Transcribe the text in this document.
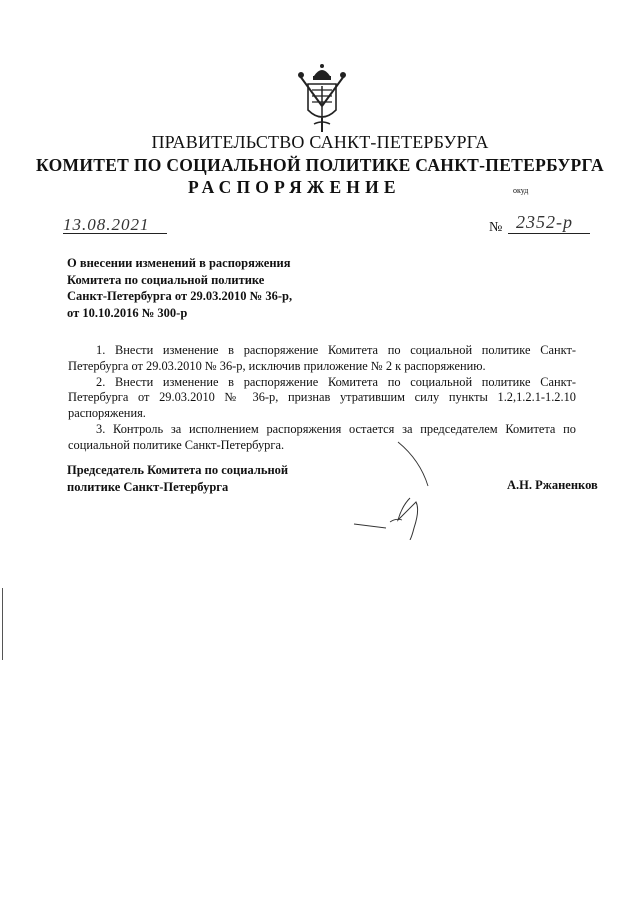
ПРАВИТЕЛЬСТВО САНКТ-ПЕТЕРБУРГА
КОМИТЕТ ПО СОЦИАЛЬНОЙ ПОЛИТИКЕ САНКТ-ПЕТЕРБУРГА
РАСПОРЯЖЕНИЕ	окуд
13.08.2021	№ 2352-р
О внесении изменений в распоряжения
Комитета по социальной политике
Санкт-Петербурга от 29.03.2010 № 36-р,
от 10.10.2016 № 300-р

1. Внести изменение в распоряжение Комитета по социальной политике Санкт-Петербурга от 29.03.2010 № 36-р, исключив приложение № 2 к распоряжению.

2. Внести изменение в распоряжение Комитета по социальной политике Санкт-Петербурга от 29.03.2010 № 36-р, признав утратившим силу пункты 1.2,1.2.1-1.2.10 распоряжения.

3. Контроль за исполнением распоряжения остается за председателем Комитета по социальной политике Санкт-Петербурга.

Председатель Комитета по социальной
политике Санкт-Петербурга	А.Н. Ржаненков
